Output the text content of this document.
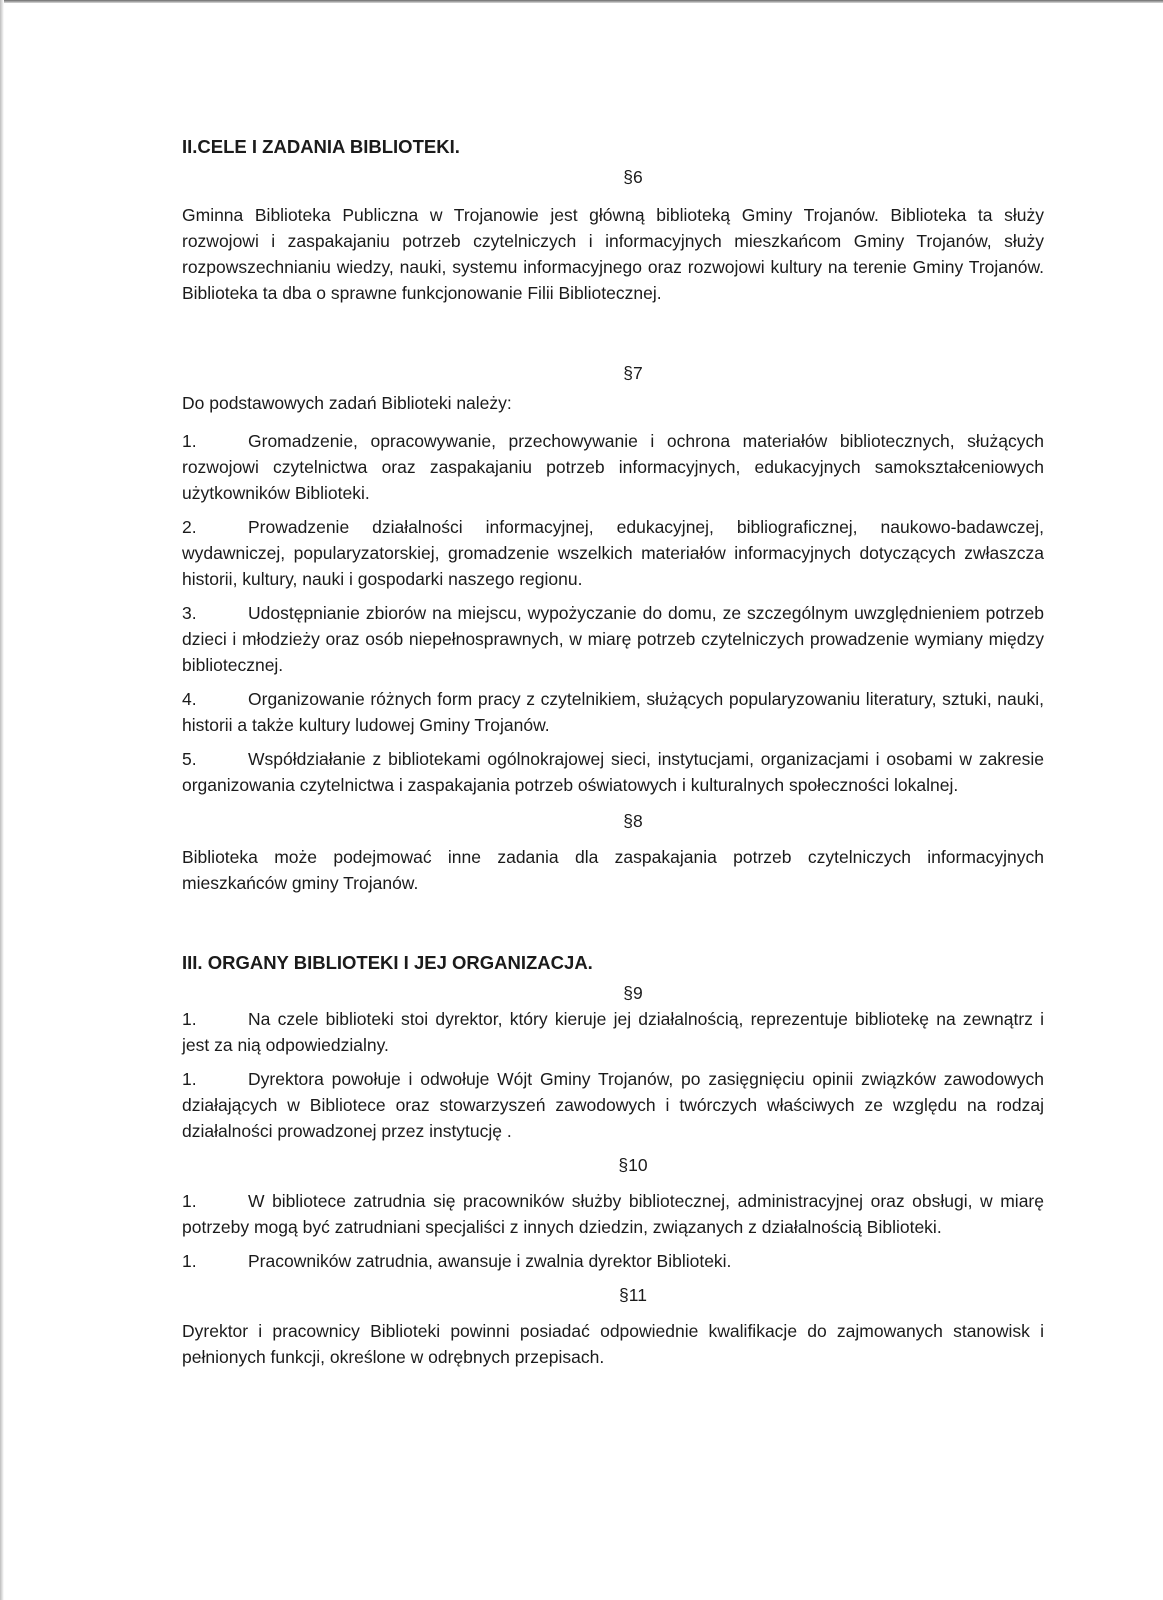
II.CELE I ZADANIA BIBLIOTEKI.

§6

Gminna Biblioteka Publiczna w Trojanowie jest główną biblioteką Gminy Trojanów. Biblioteka ta służy rozwojowi i zaspakajaniu potrzeb czytelniczych i informacyjnych mieszkańcom Gminy Trojanów, służy rozpowszechnianiu wiedzy, nauki, systemu informacyjnego oraz rozwojowi kultury na terenie Gminy Trojanów. Biblioteka ta dba o sprawne funkcjonowanie Filii Bibliotecznej.

§7

Do podstawowych zadań Biblioteki należy:

1.	Gromadzenie, opracowywanie, przechowywanie i ochrona materiałów bibliotecznych, służących rozwojowi czytelnictwa oraz zaspakajaniu potrzeb informacyjnych, edukacyjnych samokształceniowych użytkowników Biblioteki.

2.	Prowadzenie działalności informacyjnej, edukacyjnej, bibliograficznej, naukowo-badawczej, wydawniczej, popularyzatorskiej, gromadzenie wszelkich materiałów informacyjnych dotyczących zwłaszcza historii, kultury, nauki i gospodarki naszego regionu.

3.	Udostępnianie zbiorów na miejscu, wypożyczanie do domu, ze szczególnym uwzględnieniem potrzeb dzieci i młodzieży oraz osób niepełnosprawnych, w miarę potrzeb czytelniczych prowadzenie wymiany między bibliotecznej.

4.	Organizowanie różnych form pracy z czytelnikiem, służących popularyzowaniu literatury, sztuki, nauki, historii a także kultury ludowej Gminy Trojanów.

5.	Współdziałanie z bibliotekami ogólnokrajowej sieci, instytucjami, organizacjami i osobami w zakresie organizowania czytelnictwa i zaspakajania potrzeb oświatowych i kulturalnych społeczności lokalnej.

§8

Biblioteka może podejmować inne zadania dla zaspakajania potrzeb czytelniczych informacyjnych mieszkańców gminy Trojanów.

III. ORGANY BIBLIOTEKI I JEJ ORGANIZACJA.

§9

1.	Na czele biblioteki stoi dyrektor, który kieruje jej działalnością, reprezentuje bibliotekę na zewnątrz i jest za nią odpowiedzialny.

1.	Dyrektora powołuje i odwołuje Wójt Gminy Trojanów, po zasięgnięciu opinii związków zawodowych działających w Bibliotece oraz stowarzyszeń zawodowych i twórczych właściwych ze względu na rodzaj działalności prowadzonej przez instytucję .

§10

1.	W bibliotece zatrudnia się pracowników służby bibliotecznej, administracyjnej oraz obsługi, w miarę potrzeby mogą być zatrudniani specjaliści z innych dziedzin, związanych z działalnością Biblioteki.

1.	Pracowników zatrudnia, awansuje i zwalnia dyrektor Biblioteki.

§11

Dyrektor i pracownicy Biblioteki powinni posiadać odpowiednie kwalifikacje do zajmowanych stanowisk i pełnionych funkcji, określone w odrębnych przepisach.
